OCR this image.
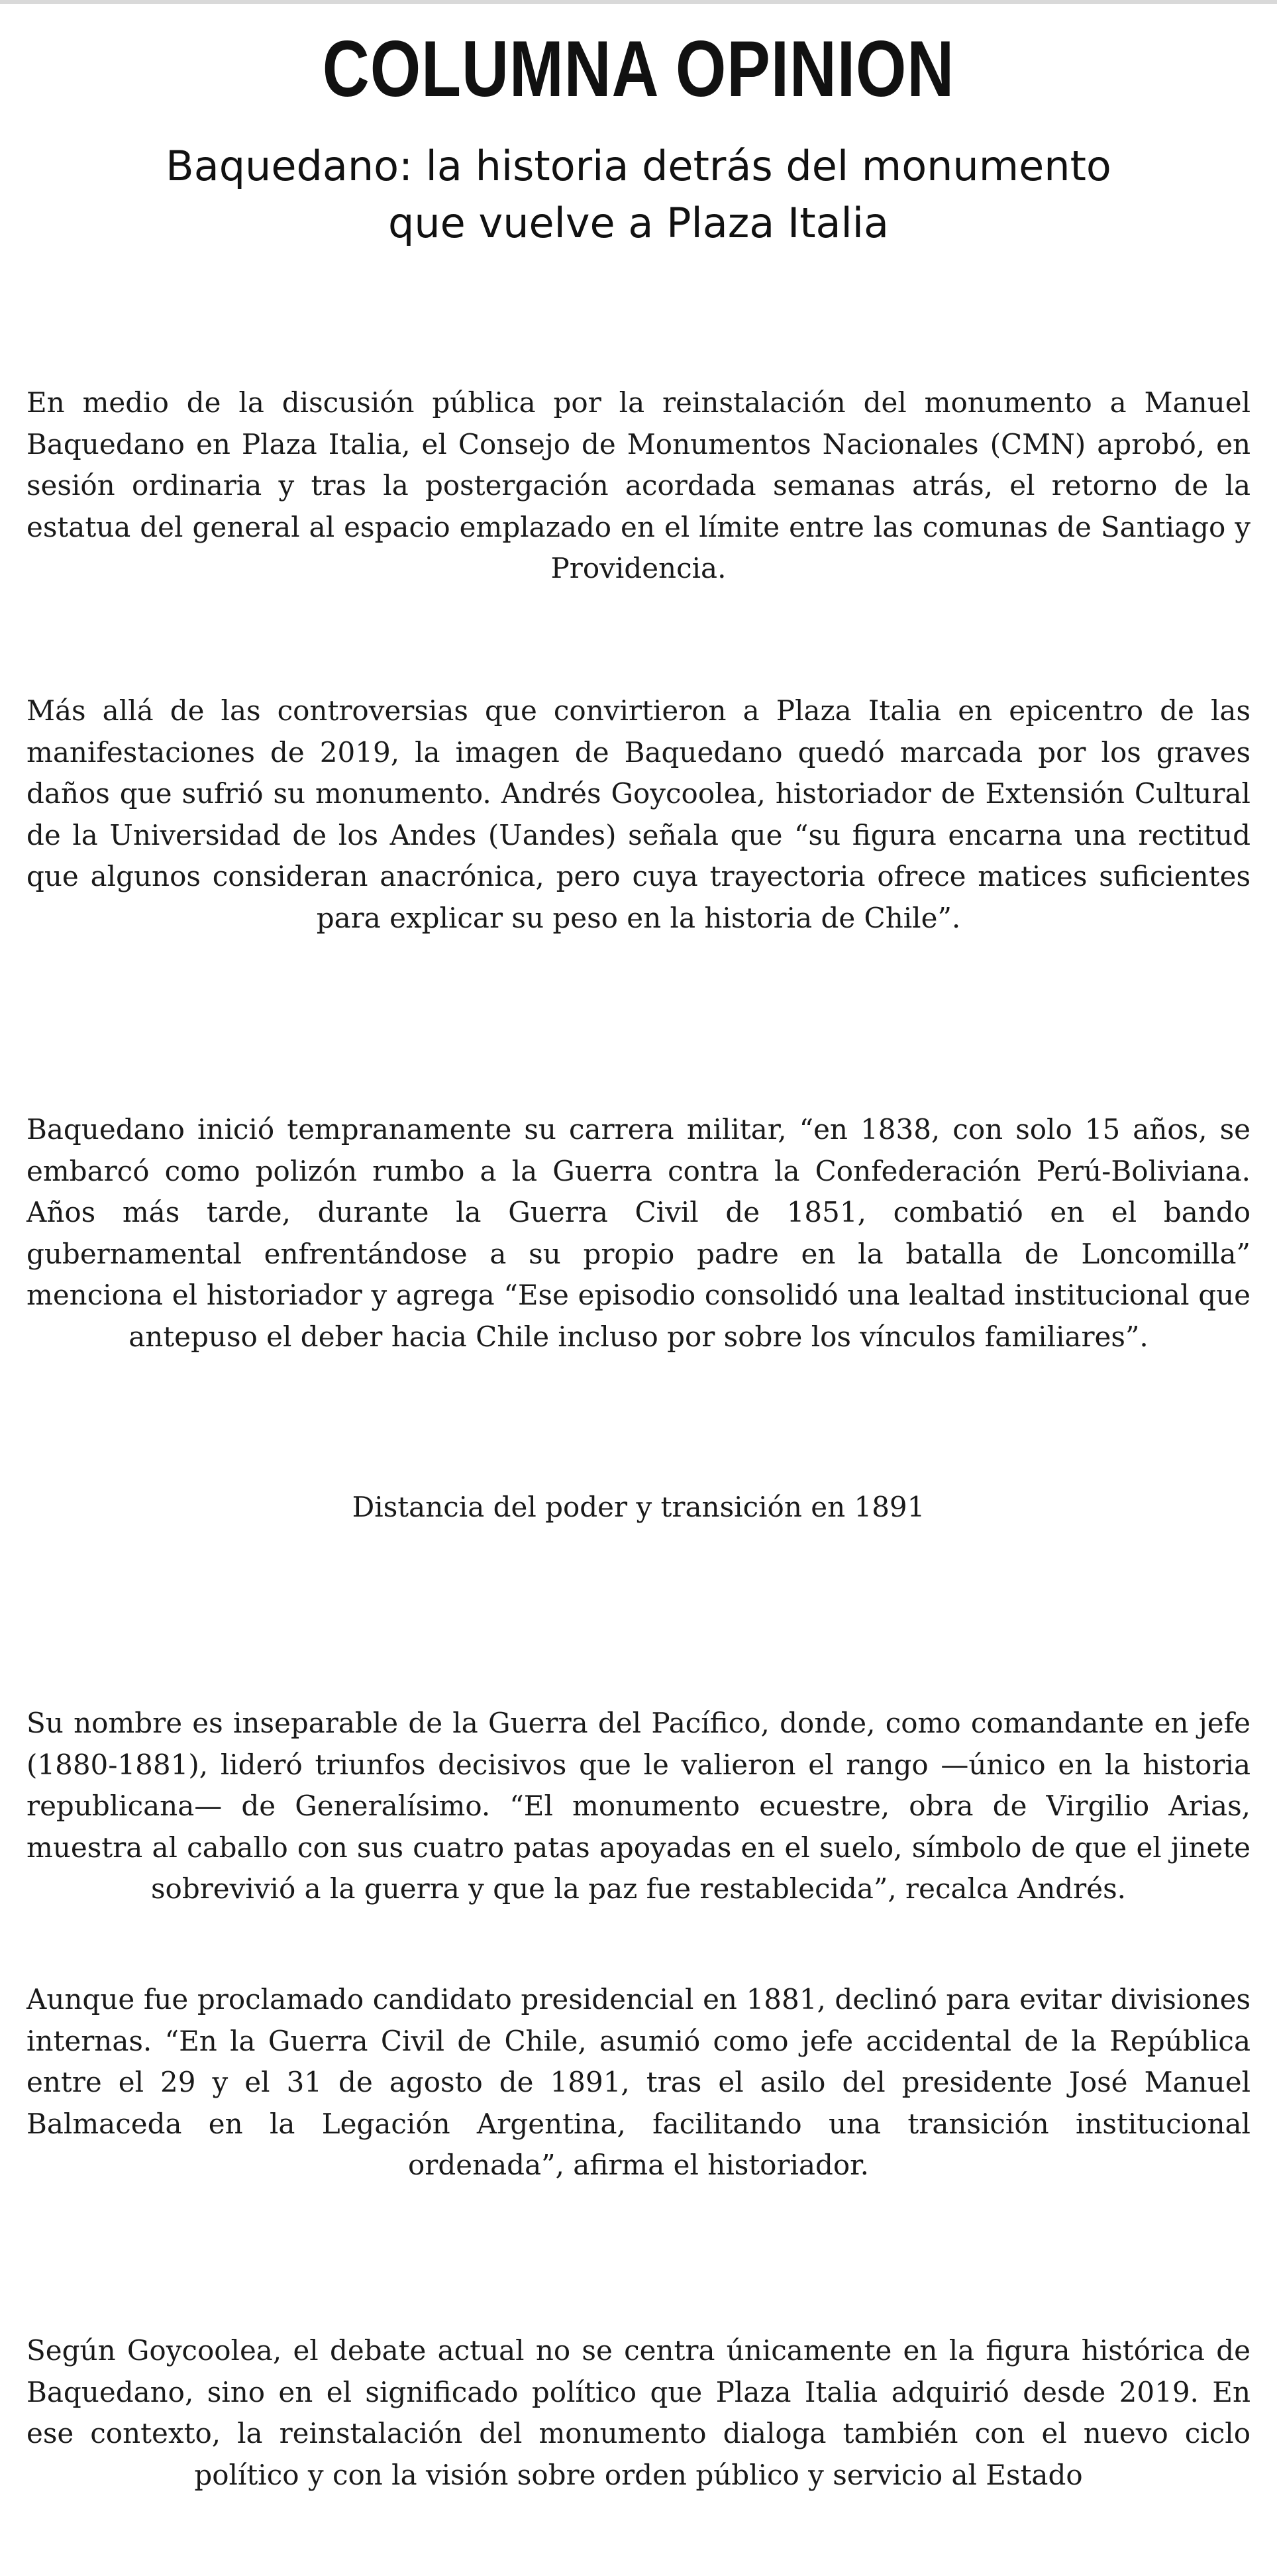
COLUMNA OPINION
Baquedano: la historia detrás del monumento que vuelve a Plaza Italia

En medio de la discusión pública por la reinstalación del monumento a Manuel Baquedano en Plaza Italia, el Consejo de Monumentos Nacionales (CMN) aprobó, en sesión ordinaria y tras la postergación acordada semanas atrás, el retorno de la estatua del general al espacio emplazado en el límite entre las comunas de Santiago y Providencia.

Más allá de las controversias que convirtieron a Plaza Italia en epicentro de las manifestaciones de 2019, la imagen de Baquedano quedó marcada por los graves daños que sufrió su monumento. Andrés Goycoolea, historiador de Extensión Cultural de la Universidad de los Andes (Uandes) señala que “su figura encarna una rectitud que algunos consideran anacrónica, pero cuya trayectoria ofrece matices suficientes para explicar su peso en la historia de Chile”.

Baquedano inició tempranamente su carrera militar, “en 1838, con solo 15 años, se embarcó como polizón rumbo a la Guerra contra la Confederación Perú-Boliviana. Años más tarde, durante la Guerra Civil de 1851, combatió en el bando gubernamental enfrentándose a su propio padre en la batalla de Loncomilla” menciona el historiador y agrega “Ese episodio consolidó una lealtad institucional que antepuso el deber hacia Chile incluso por sobre los vínculos familiares”.

Distancia del poder y transición en 1891

Su nombre es inseparable de la Guerra del Pacífico, donde, como comandante en jefe (1880-1881), lideró triunfos decisivos que le valieron el rango —único en la historia republicana— de Generalísimo. “El monumento ecuestre, obra de Virgilio Arias, muestra al caballo con sus cuatro patas apoyadas en el suelo, símbolo de que el jinete sobrevivió a la guerra y que la paz fue restablecida”, recalca Andrés.

Aunque fue proclamado candidato presidencial en 1881, declinó para evitar divisiones internas. “En la Guerra Civil de Chile, asumió como jefe accidental de la República entre el 29 y el 31 de agosto de 1891, tras el asilo del presidente José Manuel Balmaceda en la Legación Argentina, facilitando una transición institucional ordenada”, afirma el historiador.

Según Goycoolea, el debate actual no se centra únicamente en la figura histórica de Baquedano, sino en el significado político que Plaza Italia adquirió desde 2019. En ese contexto, la reinstalación del monumento dialoga también con el nuevo ciclo político y con la visión sobre orden público y servicio al Estado
